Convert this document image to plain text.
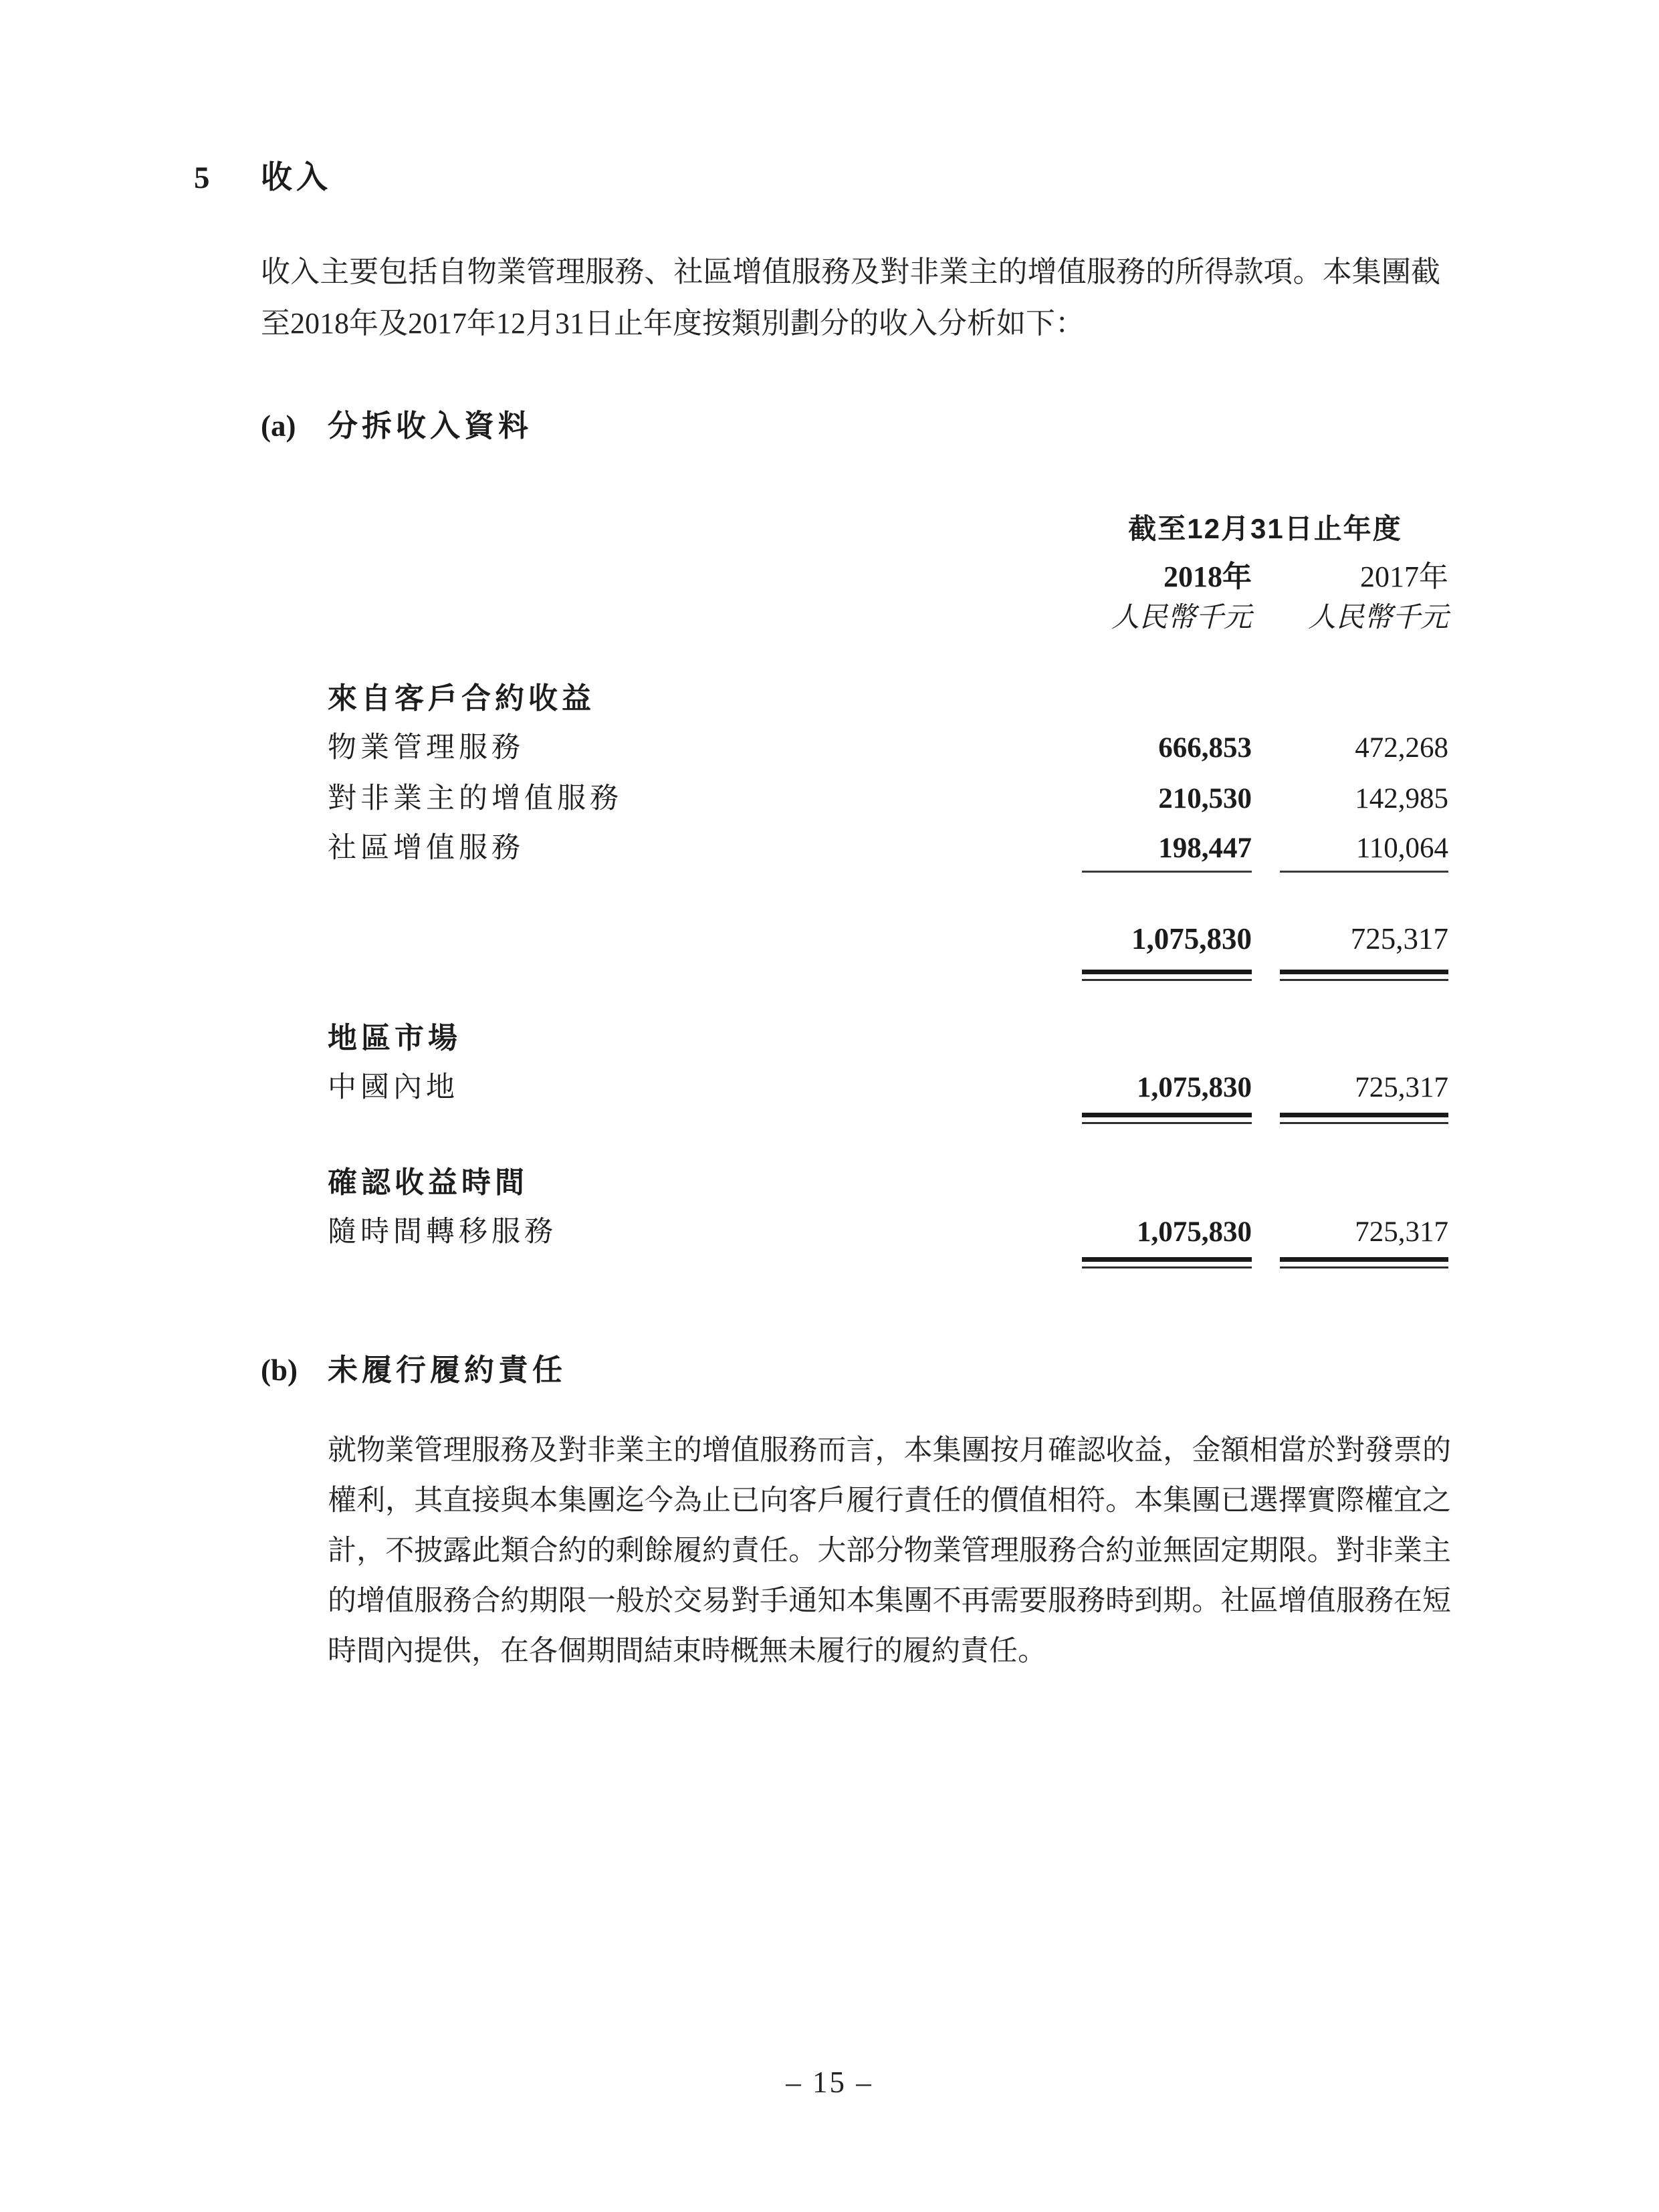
5 收入

收入主要包括自物業管理服務、社區增值服務及對非業主的增值服務的所得款項。本集團截至2018年及2017年12月31日止年度按類別劃分的收入分析如下：

(a) 分拆收入資料
截至12月31日止年度
2018年	2017年
人民幣千元	人民幣千元
來自客戶合約收益
物業管理服務	666,853	472,268
對非業主的增值服務	210,530	142,985
社區增值服務	198,447	110,064
1,075,830	725,317
地區市場
中國內地	1,075,830	725,317
確認收益時間
隨時間轉移服務	1,075,830	725,317
(b) 未履行履約責任

就物業管理服務及對非業主的增值服務而言，本集團按月確認收益，金額相當於對發票的權利，其直接與本集團迄今為止已向客戶履行責任的價值相符。本集團已選擇實際權宜之計，不披露此類合約的剩餘履約責任。大部分物業管理服務合約並無固定期限。對非業主的增值服務合約期限一般於交易對手通知本集團不再需要服務時到期。社區增值服務在短時間內提供，在各個期間結束時概無未履行的履約責任。

– 15 –
